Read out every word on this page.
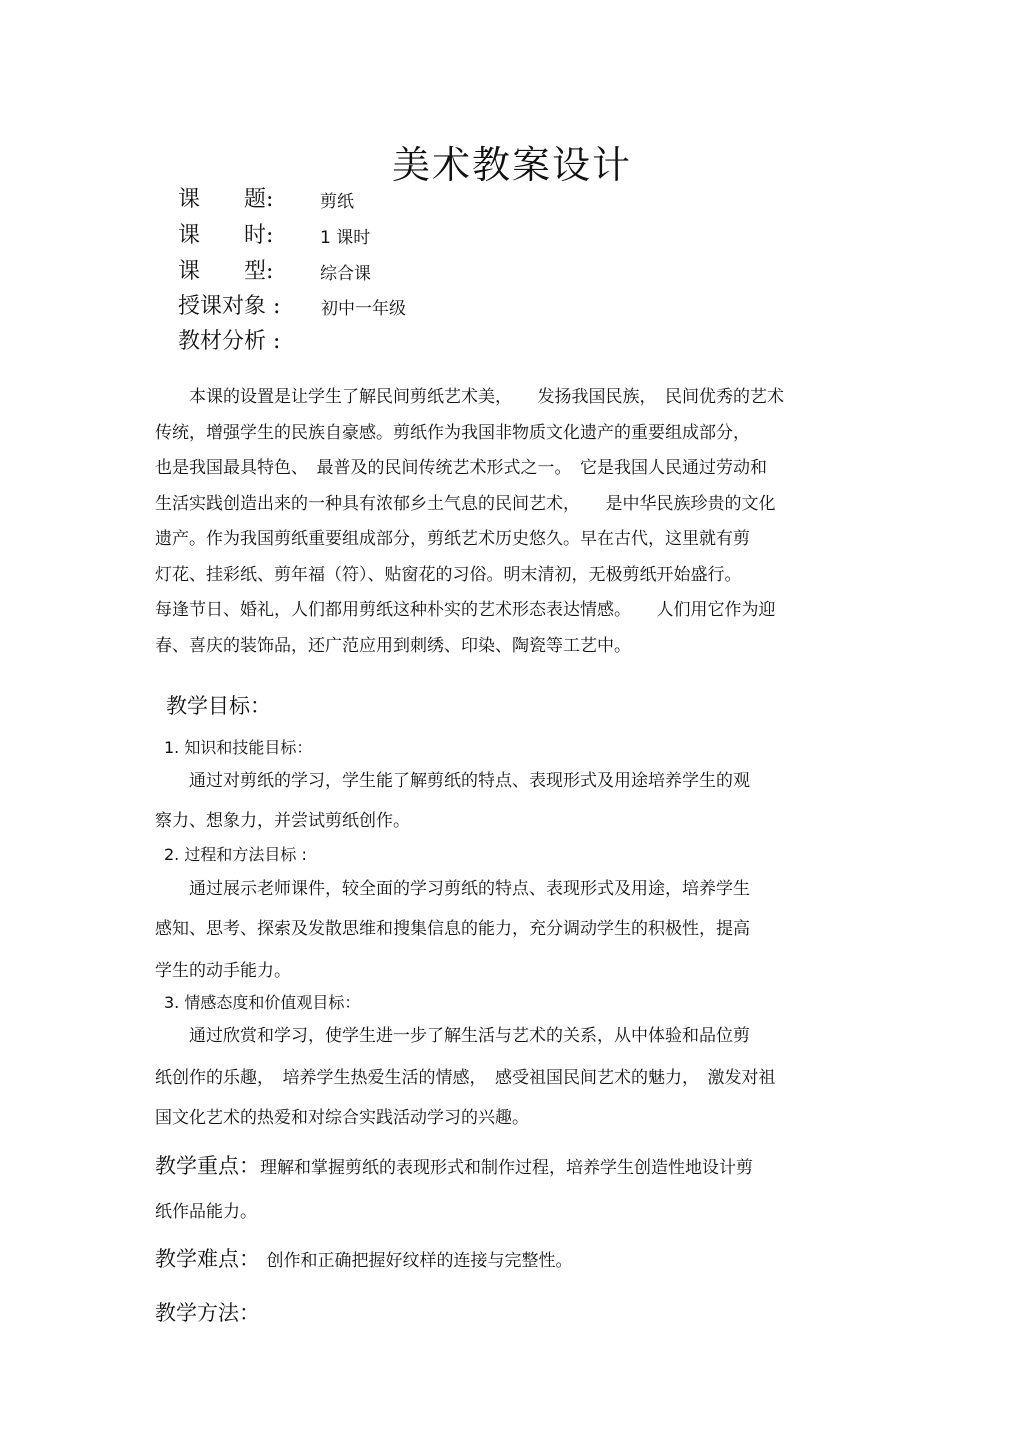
美术教案设计
课　　题:	剪纸
课　　时:	1 课时
课　　型:	综合课
授课对象 : 初中一年级
教材分析 :

　　本课的设置是让学生了解民间剪纸艺术美，　　发扬我国民族，　民间优秀的艺术

传统，增强学生的民族自豪感。剪纸作为我国非物质文化遗产的重要组成部分，

也是我国最具特色、　最普及的民间传统艺术形式之一。　它是我国人民通过劳动和

生活实践创造出来的一种具有浓郁乡土气息的民间艺术，　　是中华民族珍贵的文化

遗产。作为我国剪纸重要组成部分，剪纸艺术历史悠久。早在古代，这里就有剪

灯花、挂彩纸、剪年福（符）、贴窗花的习俗。明末清初，无极剪纸开始盛行。

每逢节日、婚礼，人们都用剪纸这种朴实的艺术形态表达情感。　　人们用它作为迎

春、喜庆的装饰品，还广范应用到刺绣、印染、陶瓷等工艺中。

教学目标：
1. 知识和技能目标：
　　通过对剪纸的学习，学生能了解剪纸的特点、表现形式及用途培养学生的观
察力、想象力，并尝试剪纸创作。
2. 过程和方法目标 :
　　通过展示老师课件，较全面的学习剪纸的特点、表现形式及用途，培养学生
感知、思考、探索及发散思维和搜集信息的能力，充分调动学生的积极性，提高
学生的动手能力。
3. 情感态度和价值观目标：
　　通过欣赏和学习，使学生进一步了解生活与艺术的关系，从中体验和品位剪
纸创作的乐趣，　培养学生热爱生活的情感，　感受祖国民间艺术的魅力，　激发对祖
国文化艺术的热爱和对综合实践活动学习的兴趣。
教学重点：理解和掌握剪纸的表现形式和制作过程，培养学生创造性地设计剪
纸作品能力。
教学难点：　创作和正确把握好纹样的连接与完整性。
教学方法：
